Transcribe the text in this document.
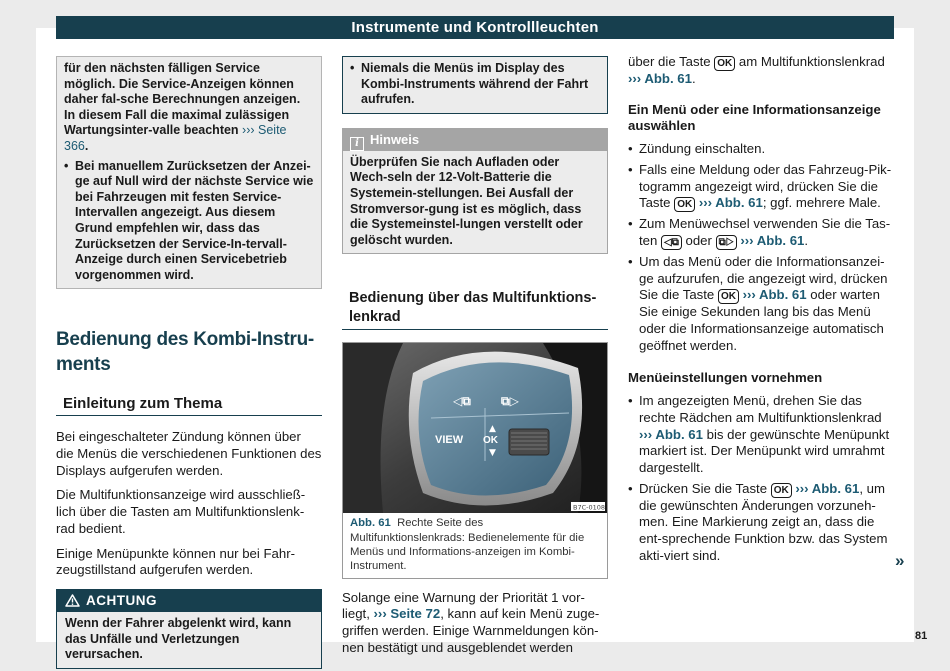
Instrumente und Kontrollleuchten

für den nächsten fälligen Service möglich. Die Service-Anzeigen können daher fal-sche Berechnungen anzeigen. In diesem Fall die maximal zulässigen Wartungsinter-valle beachten ››› Seite 366.

• Bei manuellem Zurücksetzen der Anzei-ge auf Null wird der nächste Service wie bei Fahrzeugen mit festen Service-Intervallen angezeigt. Aus diesem Grund empfehlen wir, dass das Zurücksetzen der Service-In-tervall-Anzeige durch einen Servicebetrieb vorgenommen wird.

Bedienung des Kombi-Instru-ments
Einleitung zum Thema

Bei eingeschalteter Zündung können über die Menüs die verschiedenen Funktionen des Displays aufgerufen werden.

Die Multifunktionsanzeige wird ausschließ-lich über die Tasten am Multifunktionslenk-rad bedient.

Einige Menüpunkte können nur bei Fahr-zeugstillstand aufgerufen werden.

ACHTUNG
Wenn der Fahrer abgelenkt wird, kann das Unfälle und Verletzungen verursachen.

• Niemals die Menüs im Display des Kombi-Instruments während der Fahrt aufrufen.

i Hinweis
Überprüfen Sie nach Aufladen oder Wech-seln der 12-Volt-Batterie die Systemein-stellungen. Bei Ausfall der Stromversor-gung ist es möglich, dass die Systemeinstel-lungen verstellt oder gelöscht wurden.
Bedienung über das Multifunktions-lenkrad
◁⧉	⧉▷
VIEW
▲
OK
▼
B7C-0108
Abb. 61 Rechte Seite des Multifunktionslenkrads: Bedienelemente für die Menüs und Informations-anzeigen im Kombi-Instrument.

Solange eine Warnung der Priorität 1 vor-liegt, ››› Seite 72, kann auf kein Menü zuge-griffen werden. Einige Warnmeldungen kön-nen bestätigt und ausgeblendet werden

über die Taste OK am Multifunktionslenkrad
››› Abb. 61.

Ein Menü oder eine Informationsanzeige auswählen

• Zündung einschalten.

• Falls eine Meldung oder das Fahrzeug-Pik-togramm angezeigt wird, drücken Sie die Taste OK ››› Abb. 61; ggf. mehrere Male.

• Zum Menüwechsel verwenden Sie die Tas-ten ◁⧉ oder ⧉▷ ››› Abb. 61.

• Um das Menü oder die Informationsanzei-ge aufzurufen, die angezeigt wird, drücken Sie die Taste OK ››› Abb. 61 oder warten Sie einige Sekunden lang bis das Menü oder die Informationsanzeige automatisch geöffnet werden.

Menüeinstellungen vornehmen

• Im angezeigten Menü, drehen Sie das rechte Rädchen am Multifunktionslenkrad ››› Abb. 61 bis der gewünschte Menüpunkt markiert ist. Der Menüpunkt wird umrahmt dargestellt.

• Drücken Sie die Taste OK ››› Abb. 61, um die gewünschten Änderungen vorzuneh-men. Eine Markierung zeigt an, dass die ent-sprechende Funktion bzw. das System akti-viert sind.	»
81
